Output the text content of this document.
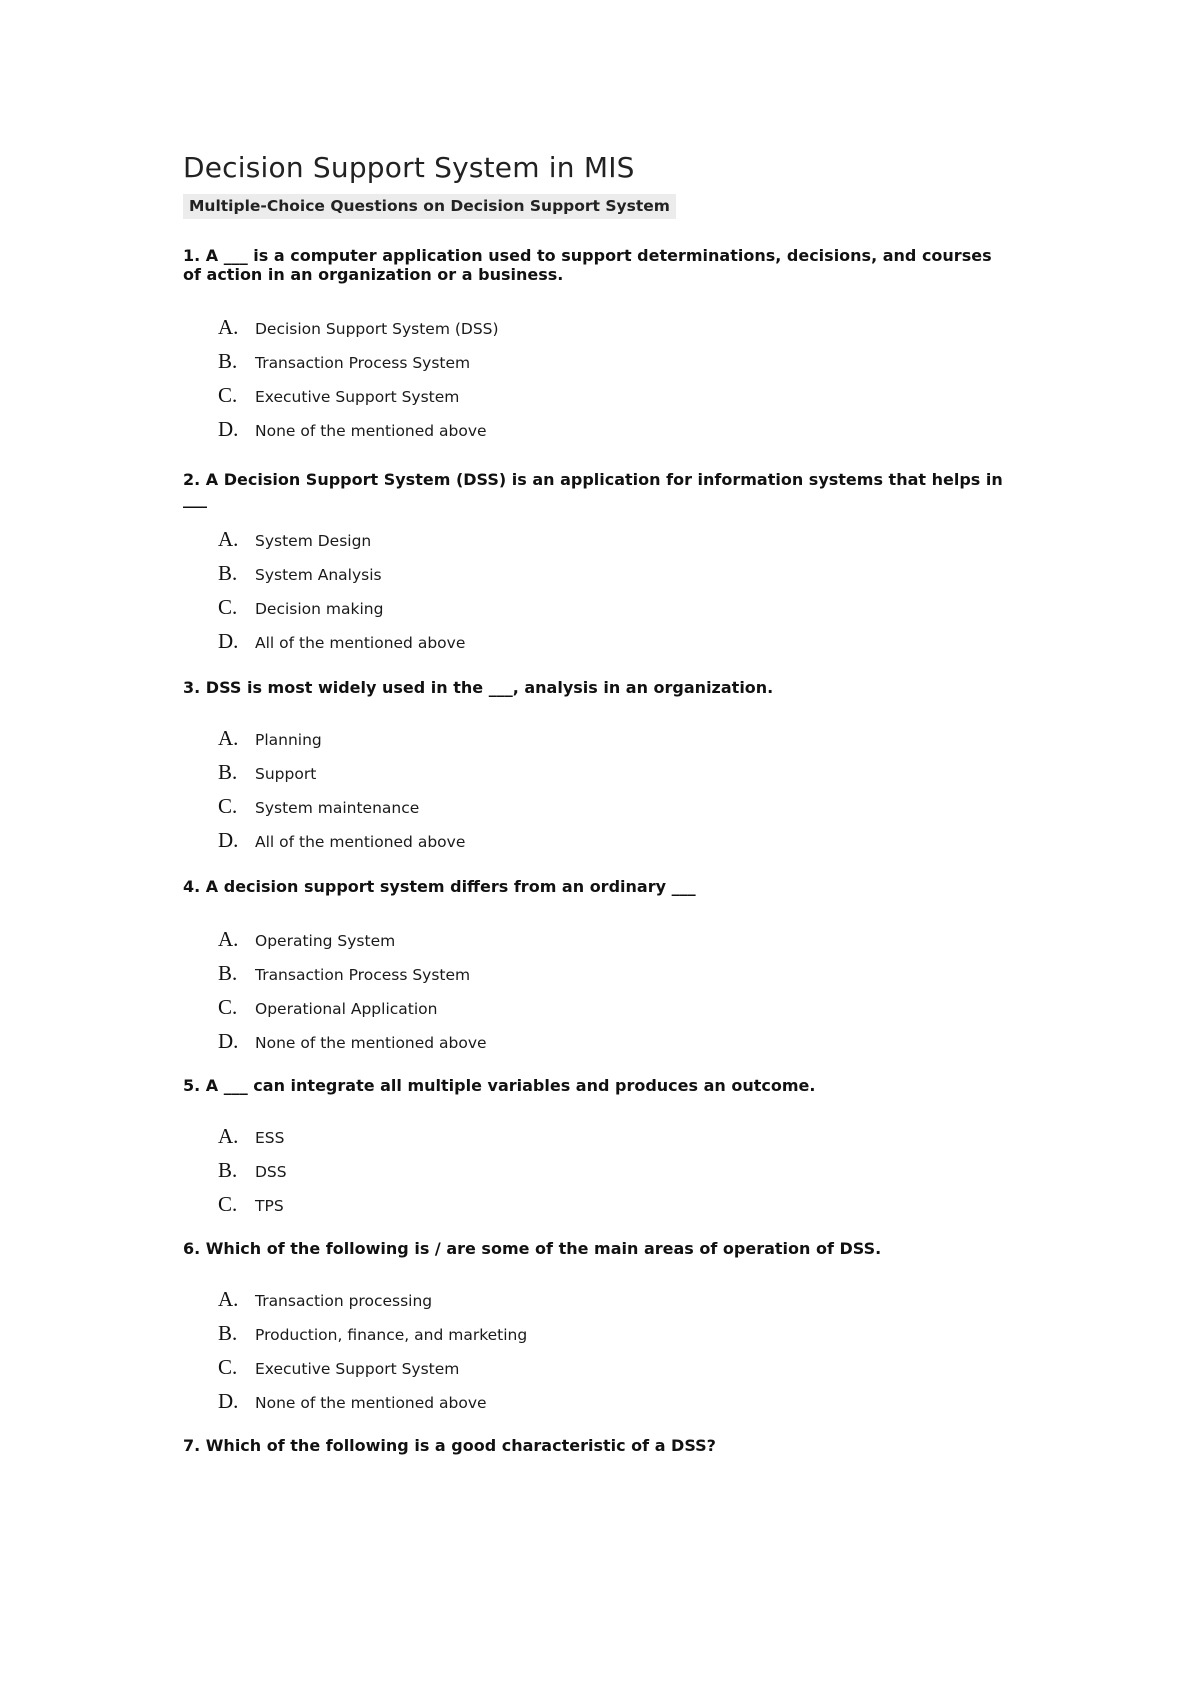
Decision Support System in MIS
Multiple-Choice Questions on Decision Support System

1. A ___ is a computer application used to support determinations, decisions, and courses
of action in an organization or a business.

A.	Decision Support System (DSS)
B.	Transaction Process System
C.	Executive Support System
D.	None of the mentioned above

2. A Decision Support System (DSS) is an application for information systems that helps in
___

A.	System Design
B.	System Analysis
C.	Decision making
D.	All of the mentioned above

3. DSS is most widely used in the ___, analysis in an organization.

A.	Planning
B.	Support
C.	System maintenance
D.	All of the mentioned above

4. A decision support system differs from an ordinary ___

A.	Operating System
B.	Transaction Process System
C.	Operational Application
D.	None of the mentioned above

5. A ___ can integrate all multiple variables and produces an outcome.

A.	ESS
B.	DSS
C.	TPS

6. Which of the following is / are some of the main areas of operation of DSS.

A.	Transaction processing
B.	Production, finance, and marketing
C.	Executive Support System
D.	None of the mentioned above

7. Which of the following is a good characteristic of a DSS?
